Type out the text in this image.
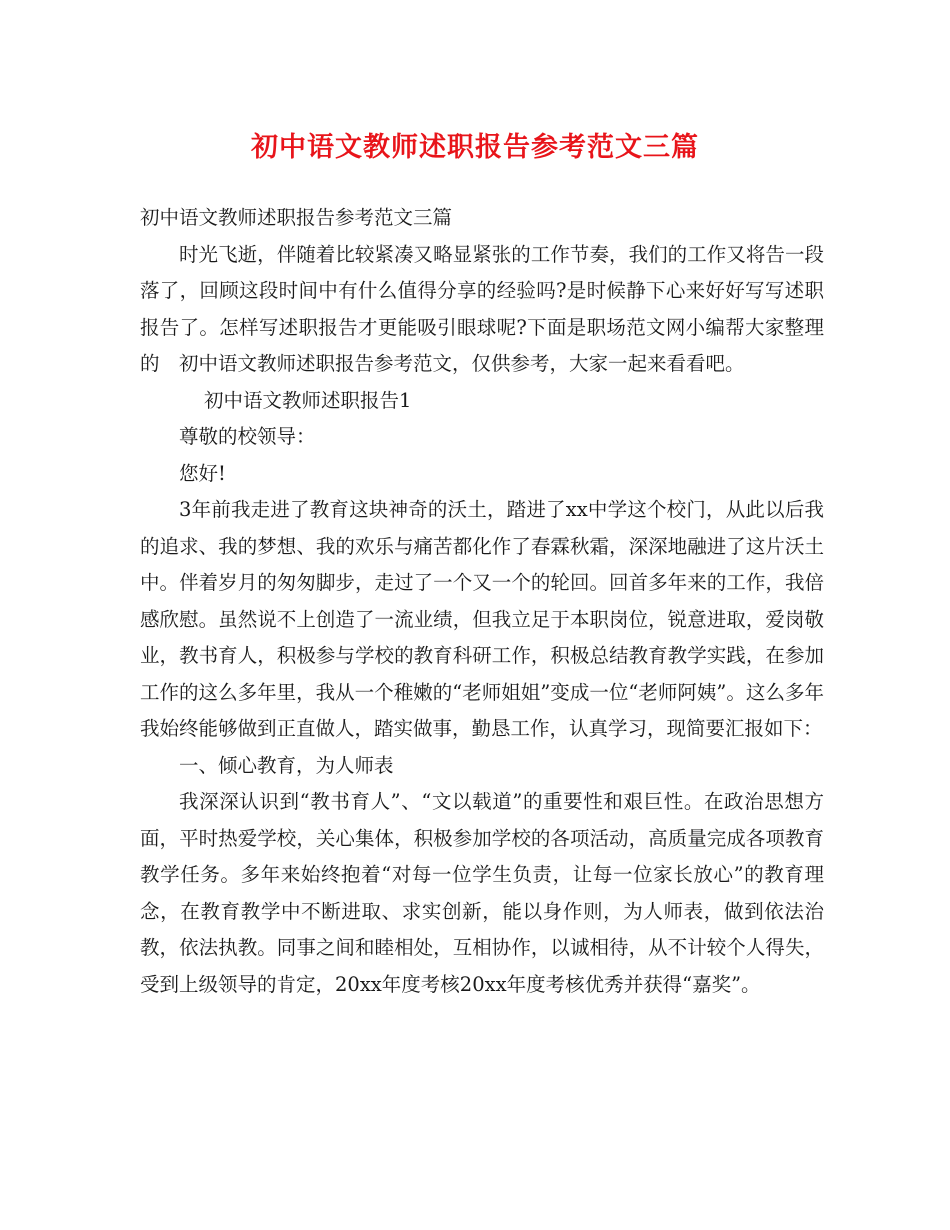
初中语文教师述职报告参考范文三篇

初中语文教师述职报告参考范文三篇

时光飞逝，伴随着比较紧凑又略显紧张的工作节奏，我们的工作又将告一段落了，回顾这段时间中有什么值得分享的经验吗?是时候静下心来好好写写述职报告了。怎样写述职报告才更能吸引眼球呢?下面是职场范文网小编帮大家整理的　初中语文教师述职报告参考范文，仅供参考，大家一起来看看吧。

初中语文教师述职报告1

尊敬的校领导：

您好!

3年前我走进了教育这块神奇的沃土，踏进了xx中学这个校门，从此以后我的追求、我的梦想、我的欢乐与痛苦都化作了春霖秋霜，深深地融进了这片沃土中。伴着岁月的匆匆脚步，走过了一个又一个的轮回。回首多年来的工作，我倍感欣慰。虽然说不上创造了一流业绩，但我立足于本职岗位，锐意进取，爱岗敬业，教书育人，积极参与学校的教育科研工作，积极总结教育教学实践，在参加工作的这么多年里，我从一个稚嫩的“老师姐姐”变成一位“老师阿姨”。这么多年我始终能够做到正直做人，踏实做事，勤恳工作，认真学习，现简要汇报如下：

一、倾心教育，为人师表

我深深认识到“教书育人”、“文以载道”的重要性和艰巨性。在政治思想方面，平时热爱学校，关心集体，积极参加学校的各项活动，高质量完成各项教育教学任务。多年来始终抱着“对每一位学生负责，让每一位家长放心”的教育理念，在教育教学中不断进取、求实创新，能以身作则，为人师表，做到依法治教，依法执教。同事之间和睦相处，互相协作，以诚相待，从不计较个人得失，受到上级领导的肯定，20xx年度考核20xx年度考核优秀并获得“嘉奖”。
